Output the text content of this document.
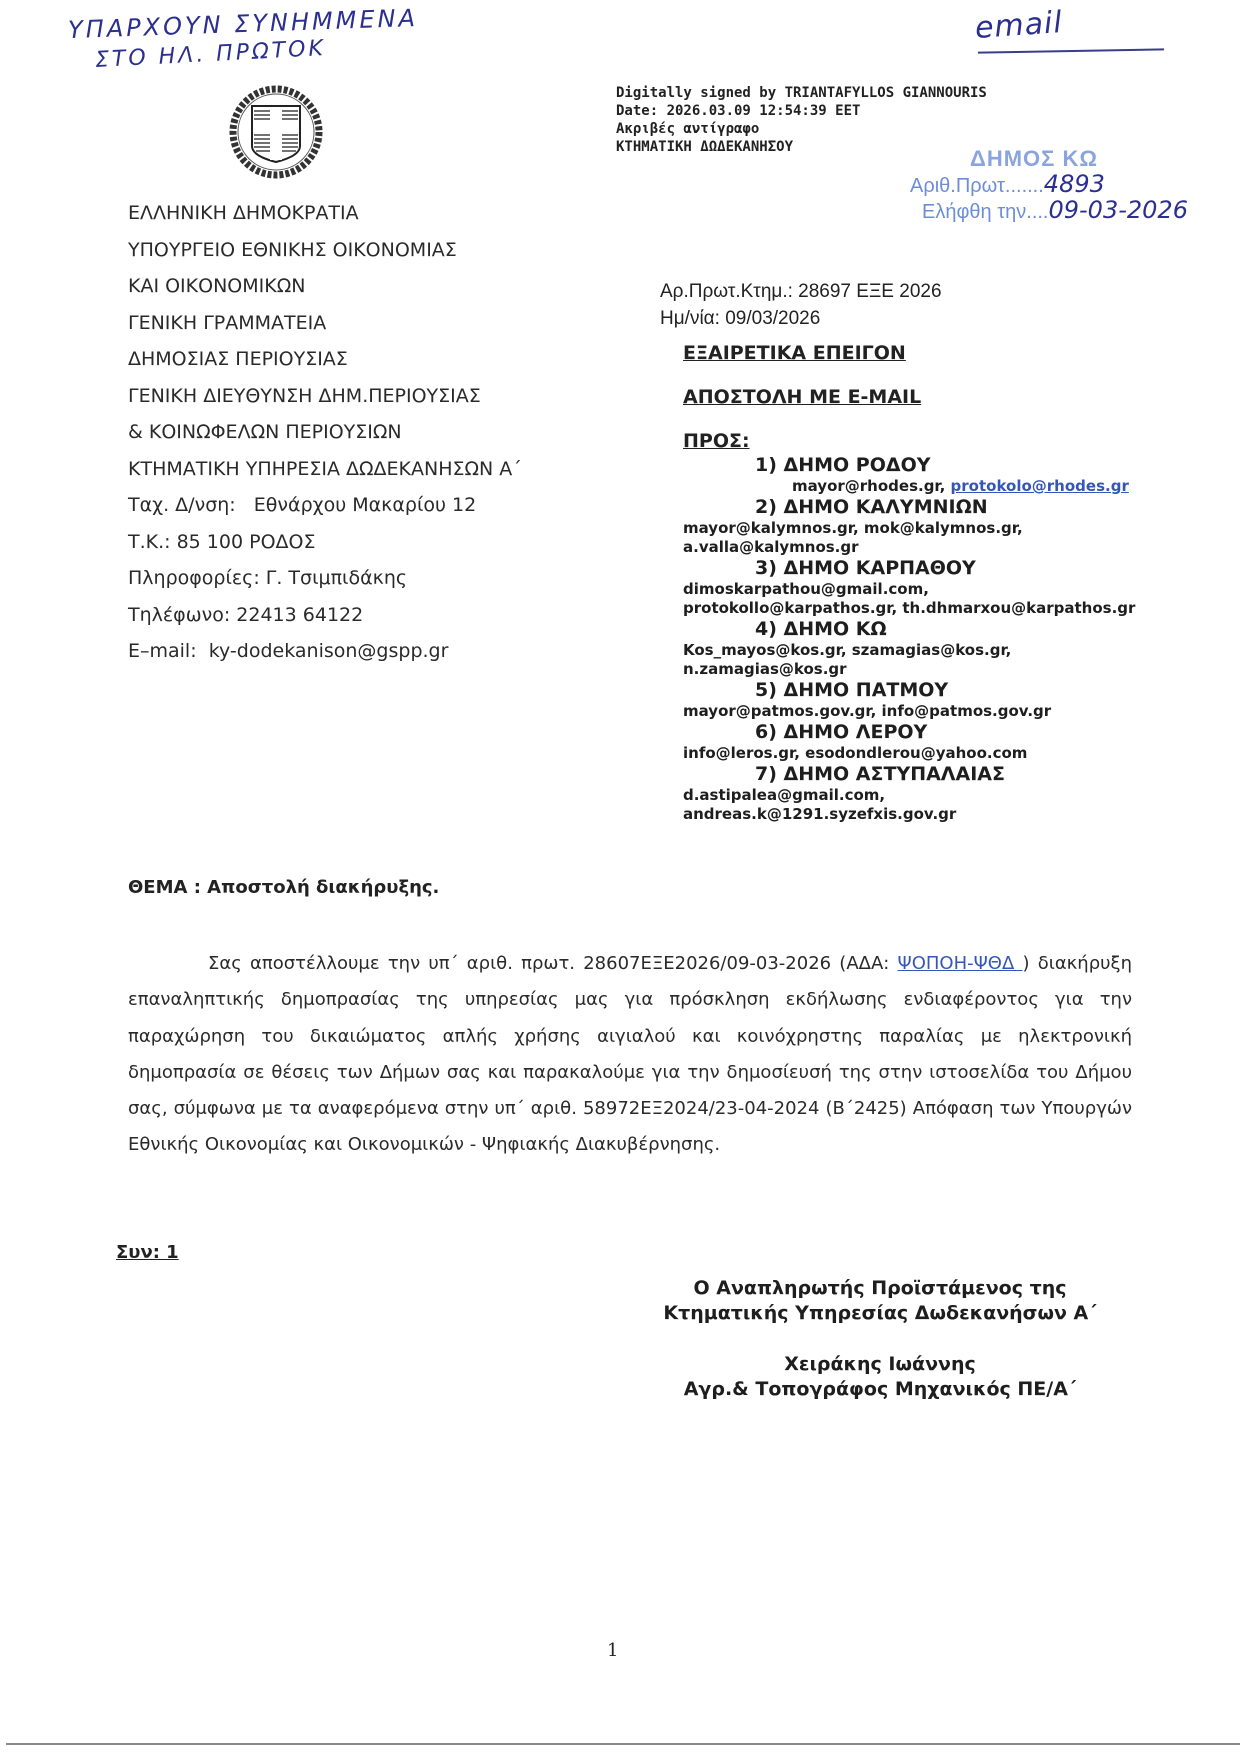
ΥΠΑΡΧΟΥΝ ΣΥΝΗΜΜΕΝΑ
ΣΤΟ ΗΛ. ΠΡΩΤΟΚ
email
Digitally signed by TRIANTAFYLLOS GIANNOURIS
Date: 2026.03.09 12:54:39 EET
Ακριβές αντίγραφο
ΚΤΗΜΑΤΙΚΗ ΔΩΔΕΚΑΝΗΣΟΥ	ΔΗΜΟΣ ΚΩ
Αριθ.Πρωτ.......4893
Ελήφθη την....09-03-2026
ΕΛΛΗΝΙΚΗ ΔΗΜΟΚΡΑΤΙΑ
ΥΠΟΥΡΓΕΙΟ ΕΘΝΙΚΗΣ ΟΙΚΟΝΟΜΙΑΣ
ΚΑΙ ΟΙΚΟΝΟΜΙΚΩΝ
ΓΕΝΙΚΗ ΓΡΑΜΜΑΤΕΙΑ
ΔΗΜΟΣΙΑΣ ΠΕΡΙΟΥΣΙΑΣ
ΓΕΝΙΚΗ ΔΙΕΥΘΥΝΣΗ ΔΗΜ.ΠΕΡΙΟΥΣΙΑΣ
& ΚΟΙΝΩΦΕΛΩΝ ΠΕΡΙΟΥΣΙΩΝ
ΚΤΗΜΑΤΙΚΗ ΥΠΗΡΕΣΙΑ ΔΩΔΕΚΑΝΗΣΩΝ Α΄
Ταχ. Δ/νση:   Εθνάρχου Μακαρίου 12
Τ.Κ.: 85 100 ΡΟΔΟΣ
Πληροφορίες: Γ. Τσιμπιδάκης
Τηλέφωνο: 22413 64122
E–mail:  ky-dodekanison@gspp.gr
Αρ.Πρωτ.Κτημ.: 28697 ΕΞΕ 2026
Ημ/νία: 09/03/2026
ΕΞΑΙΡΕΤΙΚΑ ΕΠΕΙΓΟΝ
ΑΠΟΣΤΟΛΗ ΜΕ E-MAIL
ΠΡΟΣ:
1) ΔΗΜΟ ΡΟΔΟΥ
mayor@rhodes.gr, protokolo@rhodes.gr
2) ΔΗΜΟ ΚΑΛΥΜΝΙΩΝ
mayor@kalymnos.gr, mok@kalymnos.gr,
a.valla@kalymnos.gr
3) ΔΗΜΟ ΚΑΡΠΑΘΟΥ
dimoskarpathou@gmail.com,
protokollo@karpathos.gr, th.dhmarxou@karpathos.gr
4) ΔΗΜΟ ΚΩ
Kos_mayos@kos.gr, szamagias@kos.gr,
n.zamagias@kos.gr
5) ΔΗΜΟ ΠΑΤΜΟΥ
mayor@patmos.gov.gr, info@patmos.gov.gr
6) ΔΗΜΟ ΛΕΡΟΥ
info@leros.gr, esodondlerou@yahoo.com
7) ΔΗΜΟ ΑΣΤΥΠΑΛΑΙΑΣ
d.astipalea@gmail.com,
andreas.k@1291.syzefxis.gov.gr
ΘΕΜΑ : Αποστολή διακήρυξης.

Σας αποστέλλουμε την υπ΄ αριθ. πρωτ. 28607ΕΞΕ2026/09-03-2026 (ΑΔΑ: ΨΟΠΟΗ-ΨΘΔ ) διακήρυξη επαναληπτικής δημοπρασίας της υπηρεσίας μας για πρόσκληση εκδήλωσης ενδιαφέροντος για την παραχώρηση του δικαιώματος απλής χρήσης αιγιαλού και κοινόχρηστης παραλίας με ηλεκτρονική δημοπρασία σε θέσεις των Δήμων σας και παρακαλούμε για την δημοσίευσή της στην ιστοσελίδα του Δήμου σας, σύμφωνα με τα αναφερόμενα στην υπ΄ αριθ. 58972ΕΞ2024/23-04-2024 (Β΄2425) Απόφαση των Υπουργών Εθνικής Οικονομίας και Οικονομικών - Ψηφιακής Διακυβέρνησης.

Συν: 1
Ο Αναπληρωτής Προϊστάμενος της
Κτηματικής Υπηρεσίας Δωδεκανήσων Α΄
Χειράκης Ιωάννης
Αγρ.& Τοπογράφος Μηχανικός ΠΕ/Α΄
1
